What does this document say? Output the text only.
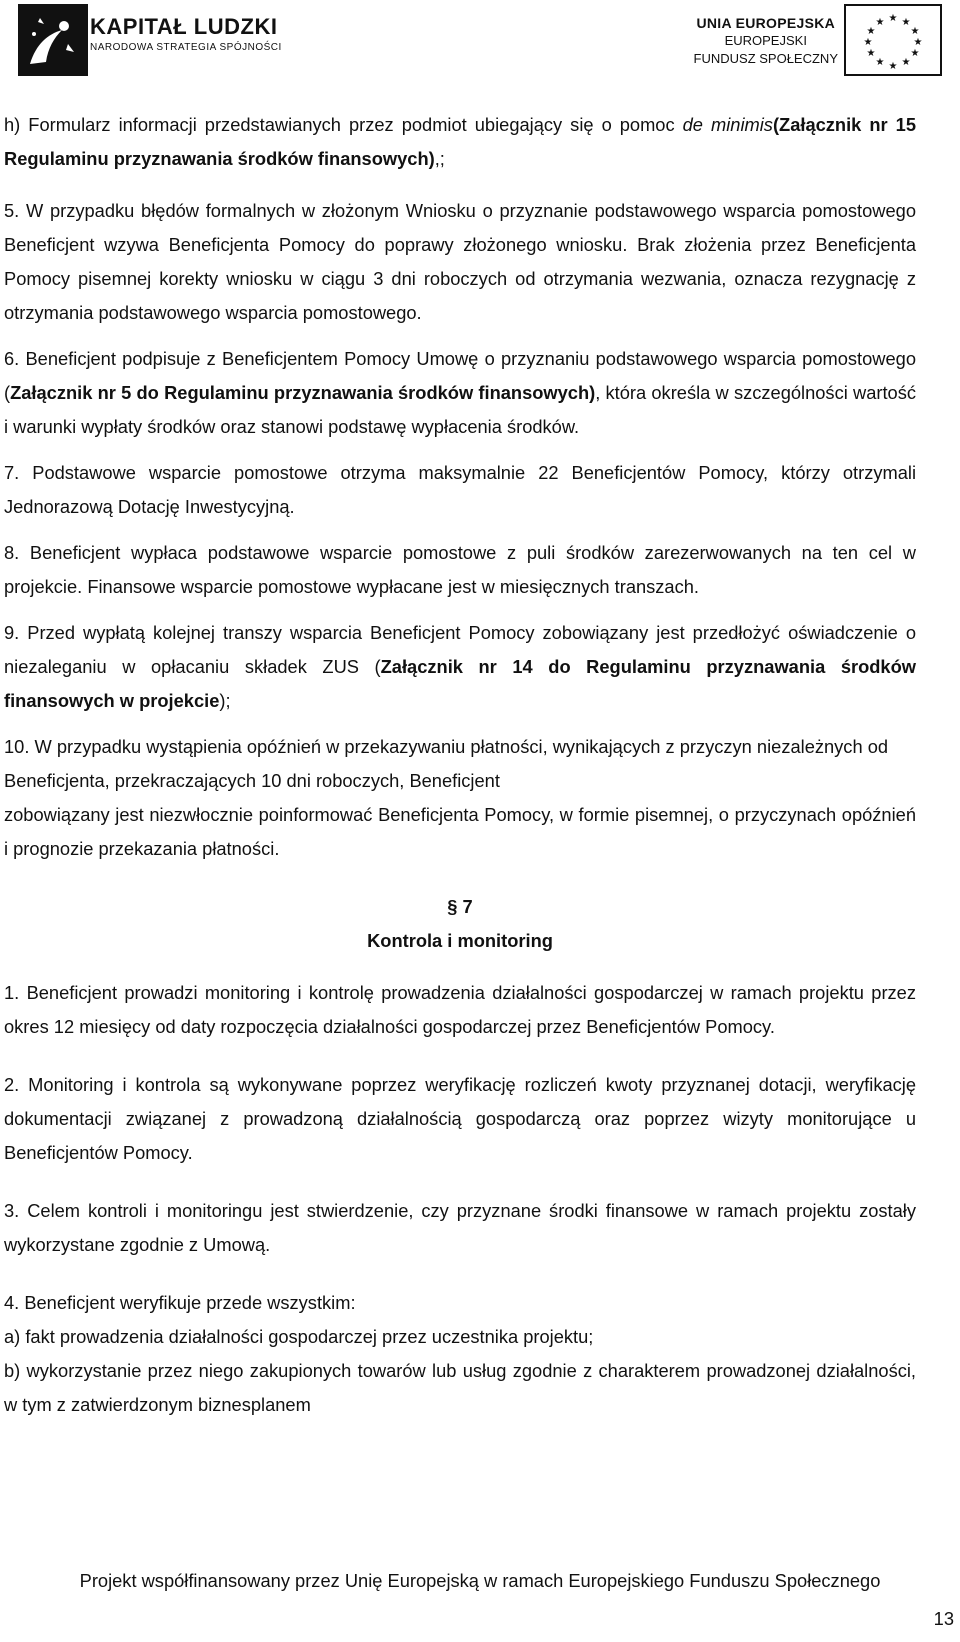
KAPITAŁ LUDZKI
NARODOWA STRATEGIA SPÓJNOŚCI
UNIA EUROPEJSKA
EUROPEJSKI
FUNDUSZ SPOŁECZNY
★ ★
★
★
★
★
★
★
★
★
★
★

h) Formularz informacji przedstawianych przez podmiot ubiegający się o pomoc de minimis(Załącznik nr 15 Regulaminu przyznawania środków finansowych),;

5. W przypadku błędów formalnych w złożonym Wniosku o przyznanie podstawowego wsparcia pomostowego Beneficjent wzywa Beneficjenta Pomocy do poprawy złożonego wniosku. Brak złożenia przez Beneficjenta Pomocy pisemnej korekty wniosku w ciągu 3 dni roboczych od otrzymania wezwania, oznacza rezygnację z otrzymania podstawowego wsparcia pomostowego.

6. Beneficjent podpisuje z Beneficjentem Pomocy Umowę o przyznaniu podstawowego wsparcia pomostowego (Załącznik nr 5 do Regulaminu przyznawania środków finansowych), która określa w szczególności wartość i warunki wypłaty środków oraz stanowi podstawę wypłacenia środków.

7. Podstawowe wsparcie pomostowe otrzyma maksymalnie 22 Beneficjentów Pomocy, którzy otrzymali Jednorazową Dotację Inwestycyjną.

8. Beneficjent wypłaca podstawowe wsparcie pomostowe z puli środków zarezerwowanych na ten cel w projekcie. Finansowe wsparcie pomostowe wypłacane jest w miesięcznych transzach.

9. Przed wypłatą kolejnej transzy wsparcia Beneficjent Pomocy zobowiązany jest przedłożyć oświadczenie o niezaleganiu w opłacaniu składek ZUS (Załącznik nr 14 do Regulaminu przyznawania środków finansowych w projekcie);

10. W przypadku wystąpienia opóźnień w przekazywaniu płatności, wynikających z przyczyn niezależnych od Beneficjenta, przekraczających 10 dni roboczych, Beneficjent

zobowiązany jest niezwłocznie poinformować Beneficjenta Pomocy, w formie pisemnej, o przyczynach opóźnień i prognozie przekazania płatności.

§ 7
Kontrola i monitoring

1. Beneficjent prowadzi monitoring i kontrolę prowadzenia działalności gospodarczej w ramach projektu przez okres 12 miesięcy od daty rozpoczęcia działalności gospodarczej przez Beneficjentów Pomocy.

2. Monitoring i kontrola są wykonywane poprzez weryfikację rozliczeń kwoty przyznanej dotacji, weryfikację dokumentacji związanej z prowadzoną działalnością gospodarczą oraz poprzez wizyty monitorujące u Beneficjentów Pomocy.

3. Celem kontroli i monitoringu jest stwierdzenie, czy przyznane środki finansowe w ramach projektu zostały wykorzystane zgodnie z Umową.

4. Beneficjent weryfikuje przede wszystkim:

a) fakt prowadzenia działalności gospodarczej przez uczestnika projektu;

b) wykorzystanie przez niego zakupionych towarów lub usług zgodnie z charakterem prowadzonej działalności, w tym z zatwierdzonym biznesplanem

Projekt współfinansowany przez Unię Europejską w ramach Europejskiego Funduszu Społecznego
13
